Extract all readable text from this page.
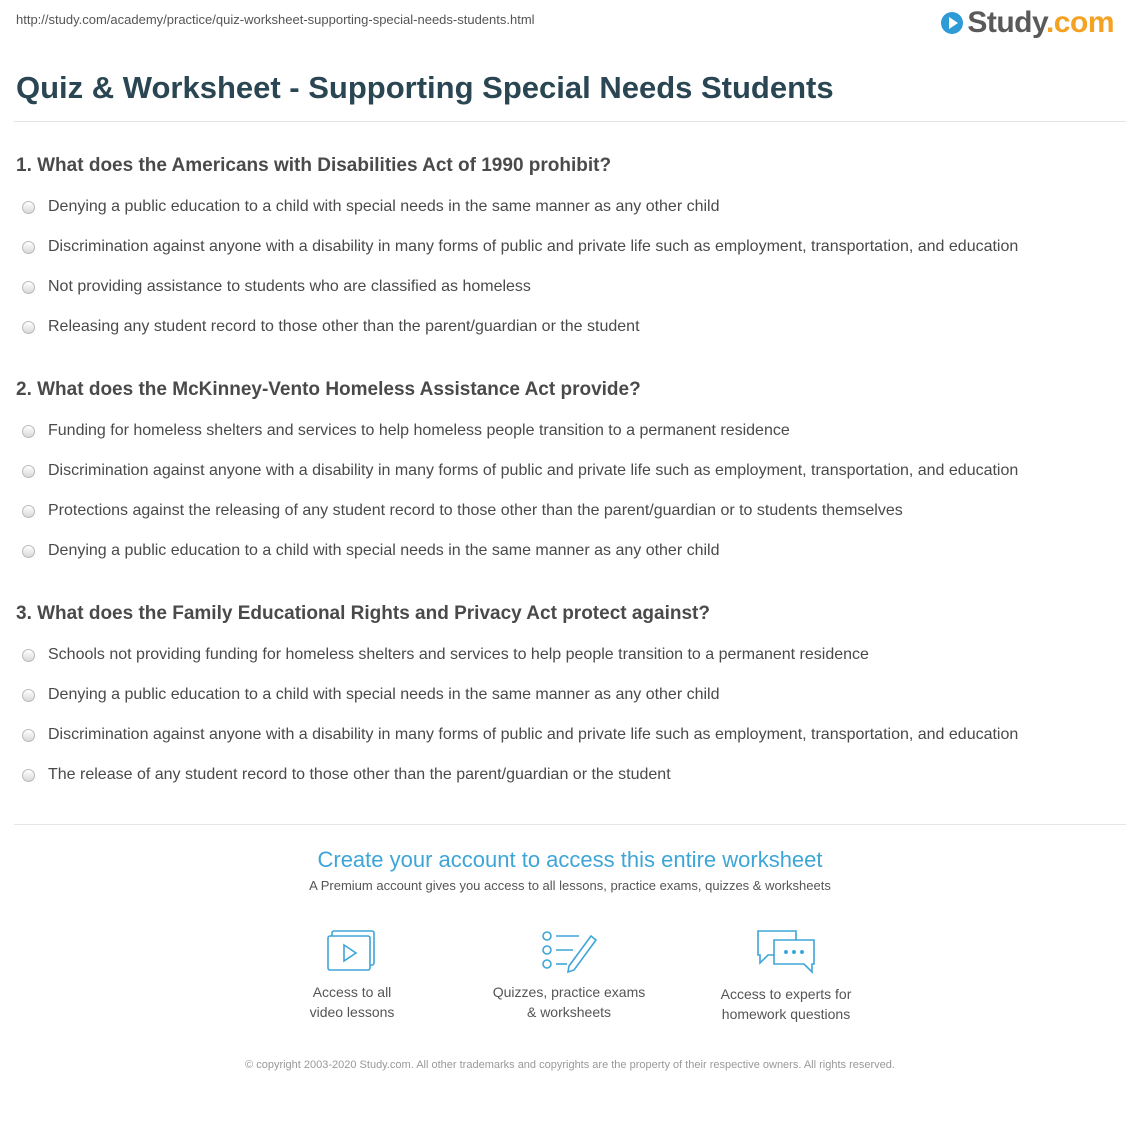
http://study.com/academy/practice/quiz-worksheet-supporting-special-needs-students.html	Study.com
Quiz & Worksheet - Supporting Special Needs Students
1. What does the Americans with Disabilities Act of 1990 prohibit?
Denying a public education to a child with special needs in the same manner as any other child
Discrimination against anyone with a disability in many forms of public and private life such as employment, transportation, and education
Not providing assistance to students who are classified as homeless
Releasing any student record to those other than the parent/guardian or the student
2. What does the McKinney-Vento Homeless Assistance Act provide?
Funding for homeless shelters and services to help homeless people transition to a permanent residence
Discrimination against anyone with a disability in many forms of public and private life such as employment, transportation, and education
Protections against the releasing of any student record to those other than the parent/guardian or to students themselves
Denying a public education to a child with special needs in the same manner as any other child
3. What does the Family Educational Rights and Privacy Act protect against?
Schools not providing funding for homeless shelters and services to help people transition to a permanent residence
Denying a public education to a child with special needs in the same manner as any other child
Discrimination against anyone with a disability in many forms of public and private life such as employment, transportation, and education
The release of any student record to those other than the parent/guardian or the student
Create your account to access this entire worksheet
A Premium account gives you access to all lessons, practice exams, quizzes & worksheets
Access to all
video lessons
Quizzes, practice exams
& worksheets
Access to experts for
homework questions
© copyright 2003-2020 Study.com. All other trademarks and copyrights are the property of their respective owners. All rights reserved.
